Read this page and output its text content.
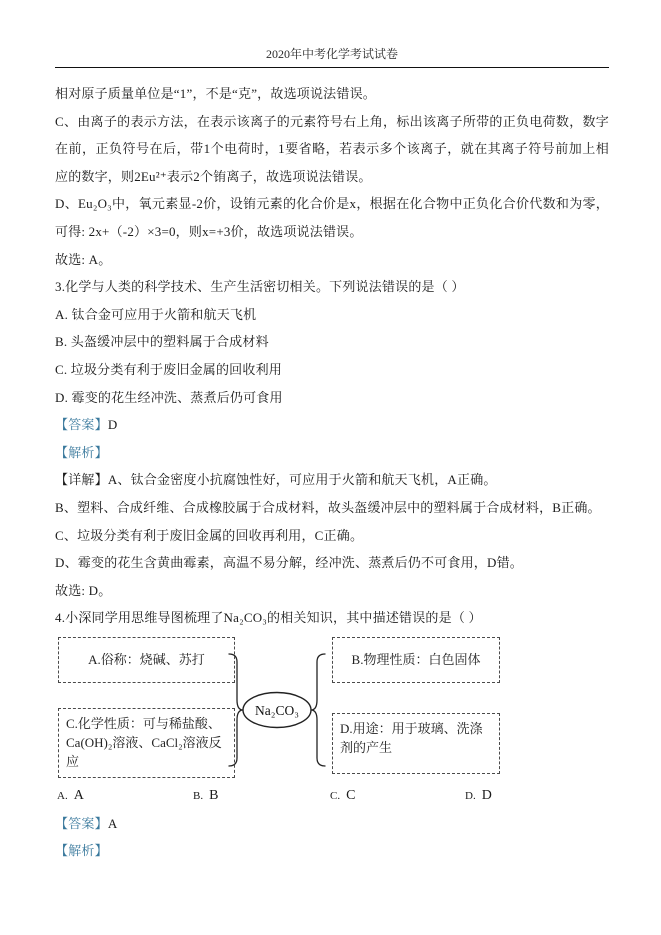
2020年中考化学考试试卷

相对原子质量单位是“1”，不是“克”，故选项说法错误。

C、由离子的表示方法，在表示该离子的元素符号右上角，标出该离子所带的正负电荷数，数字在前，正负符号在后，带1个电荷时，1要省略，若表示多个该离子，就在其离子符号前加上相应的数字，则2Eu²⁺表示2个铕离子，故选项说法错误。

D、Eu₂O₃中，氧元素显-2价，设铕元素的化合价是x，根据在化合物中正负化合价代数和为零，可得: 2x+（-2）×3=0，则x=+3价，故选项说法错误。

故选: A。

3.化学与人类的科学技术、生产生活密切相关。下列说法错误的是（ ）

A. 钛合金可应用于火箭和航天飞机

B. 头盔缓冲层中的塑料属于合成材料

C. 垃圾分类有利于废旧金属的回收利用

D. 霉变的花生经冲洗、蒸煮后仍可食用

【答案】D

【解析】

【详解】A、钛合金密度小抗腐蚀性好，可应用于火箭和航天飞机，A正确。

B、塑料、合成纤维、合成橡胶属于合成材料，故头盔缓冲层中的塑料属于合成材料，B正确。

C、垃圾分类有利于废旧金属的回收再利用，C正确。

D、霉变的花生含黄曲霉素，高温不易分解，经冲洗、蒸煮后仍不可食用，D错。

故选: D。

4.小深同学用思维导图梳理了Na₂CO₃的相关知识，其中描述错误的是（ ）

Na₂CO₃
A.俗称：烧碱、苏打	B.物理性质：白色固体
C.化学性质：可与稀盐酸、Ca(OH)₂溶液、CaCl₂溶液反应
D.用途：用于玻璃、洗涤剂的产生
A. A	B. B	C. C	D. D

【答案】A

【解析】
